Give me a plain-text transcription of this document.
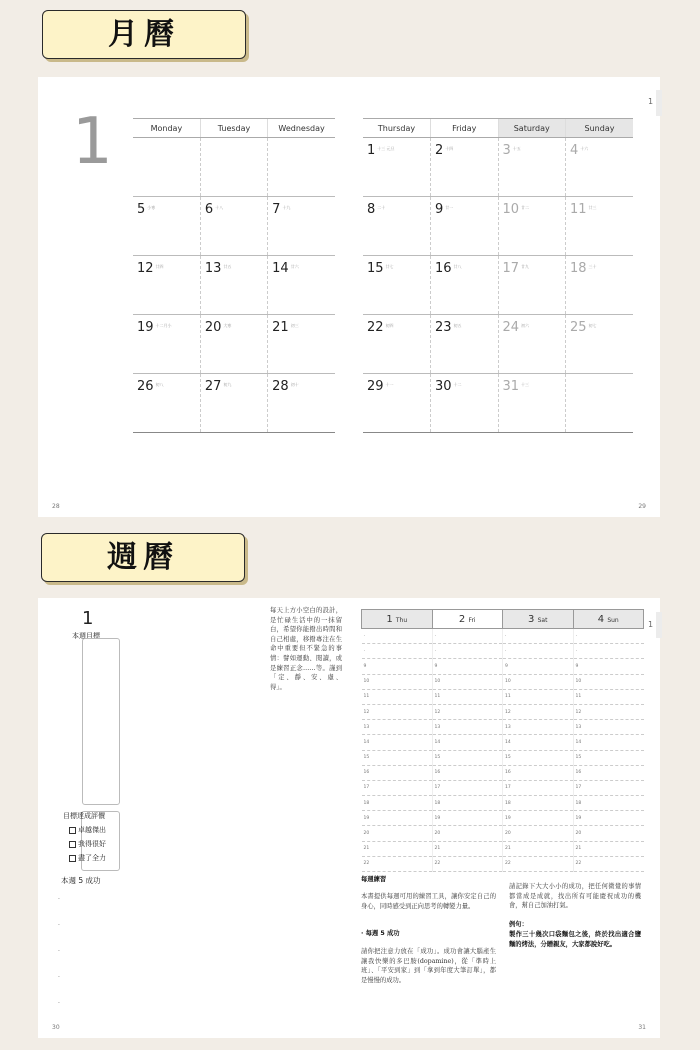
月曆
1	Monday	Tuesday	Wednesday

5 $^{小寒}$	6 $^{十八}$	7 $^{十九}$
12 $^{廿四}$	13 $^{廿五}$	14 $^{廿六}$
19 $^{十二月小}$	20 $^{大寒}$	21 $^{初三}$
26 $^{初八}$	27 $^{初九}$	28 $^{初十}$
Thursday	Friday	Saturday	Sunday
1 $^{十三 元旦}$	2 $^{十四}$	3 $^{十五}$	4 $^{十六}$
8 $^{二十}$	9 $^{廿一}$	10 $^{廿二}$	11 $^{廿三}$
15 $^{廿七}$	16 $^{廿八}$	17 $^{廿九}$	18 $^{三十}$
22 $^{初四}$	23 $^{初五}$	24 $^{初六}$	25 $^{初七}$
29 $^{十一}$	30 $^{十二}$	31 $^{十三}$	
28	29
1
週曆
1
本週目標
目標達成評價
卓越傑出
我得很好
盡了全力
本週 5 成功
·
·
·
·
·
每天上方小空白的設計，是忙碌生活中的一抹留白，希望你能撥出時間和自己相處，移撥專注在生命中重要但不緊急的事情：譬如運動、閱讀，或是練習正念……等。謹到「定、靜、安、慮、得」。
1 Thu	2 Fri	3 Sat	4 Sun
·	·	·	·
·	·	·	·
9	9	9	9
10	10	10	10
11	11	11	11
12	12	12	12
13	13	13	13
14	14	14	14
15	15	15	15
16	16	16	16
17	17	17	17
18	18	18	18
19	19	19	19
20	20	20	20
21	21	21	21
22	22	22	22
每週練習
本書提供每週可用的練習工具，讓你安定自己的身心，同時感受到正向思考的轉變力量。
· 每週 5 成功
請你把注意力放在「成功」。成功會讓大腦產生讓我快樂的多巴胺(dopamine)，從「準時上班」、「平安到家」到「拿到年度大筆訂單」，都是慢慢的成功。
請記錄下大大小小的成功，把任何微覺的事情都當成是成就，找出所有可能慶祝成功的機會，幫自己加油打氣。
例句：
製作三十幾次口袋麵包之後，終於找出適合鹽麵的烤法，分贈親友，大家都說好吃。
30	31
1
